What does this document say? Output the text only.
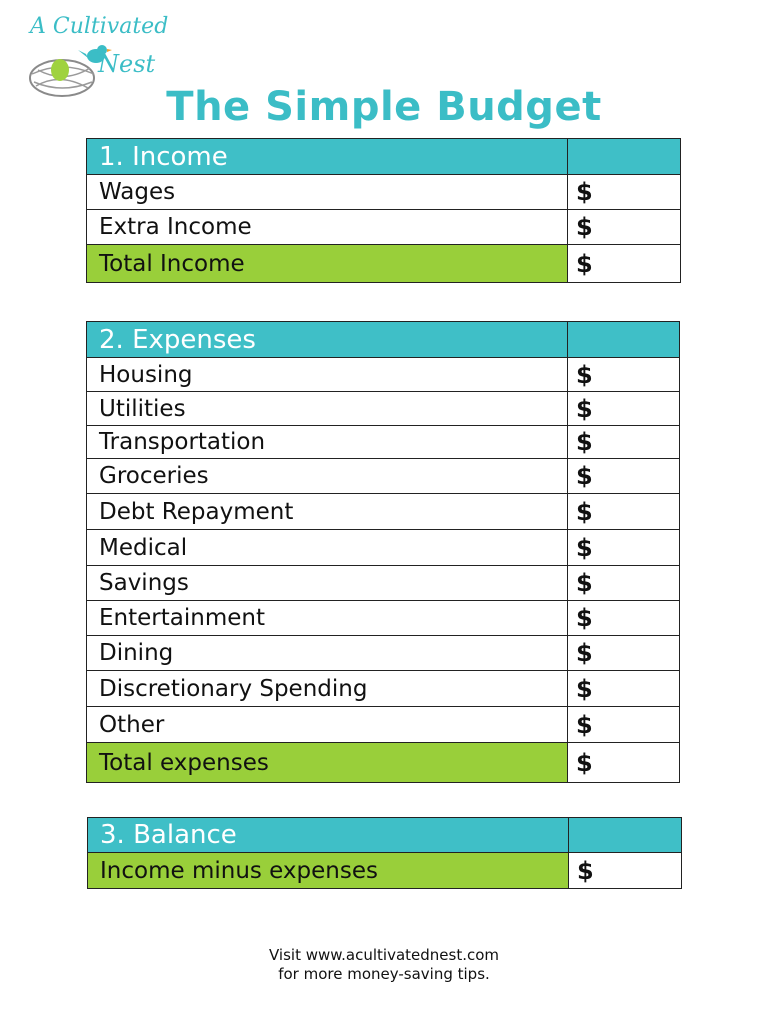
A Cultivated
Nest
The Simple Budget
1. Income	
Wages	$
Extra Income	$
Total Income	$
2. Expenses	
Housing	$
Utilities	$
Transportation	$
Groceries	$
Debt Repayment	$
Medical	$
Savings	$
Entertainment	$
Dining	$
Discretionary Spending	$
Other	$
Total expenses	$
3. Balance	
Income minus expenses	$
Visit www.acultivatednest.com
for more money-saving tips.
